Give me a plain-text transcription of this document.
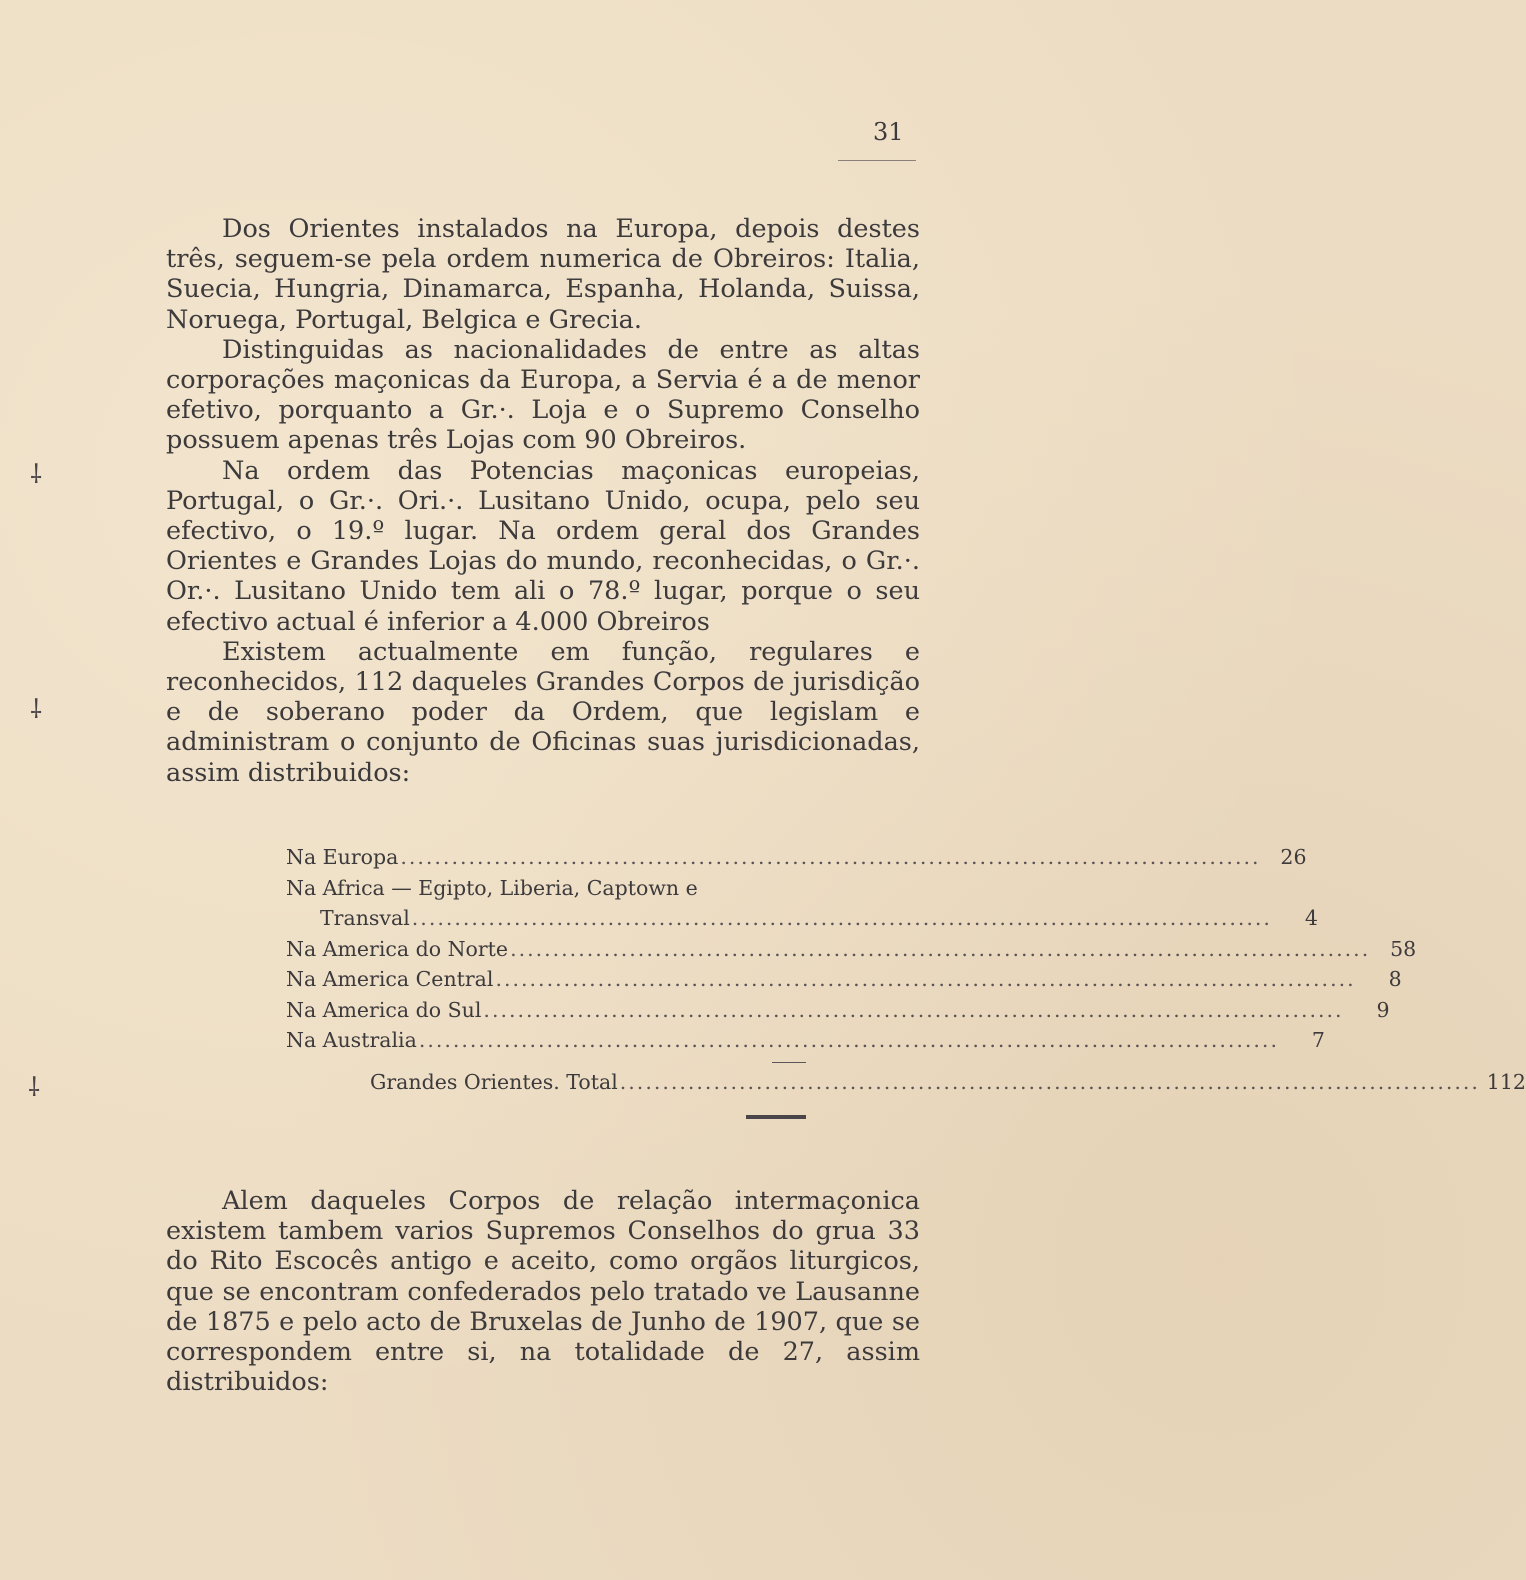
31
⸸
⸸
⸸

Dos Orientes instalados na Europa, depois destes três, seguem-se pela ordem numerica de Obreiros: Italia, Suecia, Hungria, Dinamarca, Espanha, Holanda, Suissa, Noruega, Portugal, Belgica e Grecia.

Distinguidas as nacionalidades de entre as altas corporações maçonicas da Europa, a Servia é a de menor efetivo, porquanto a Gr.·. Loja e o Supremo Conselho possuem apenas três Lojas com 90 Obreiros.

Na ordem das Potencias maçonicas europeias, Portugal, o Gr.·. Ori.·. Lusitano Unido, ocupa, pelo seu efectivo, o 19.º lugar. Na ordem geral dos Grandes Orientes e Grandes Lojas do mundo, reconhecidas, o Gr.·. Or.·. Lusitano Unido tem ali o 78.º lugar, porque o seu efectivo actual é inferior a 4.000 Obreiros

Existem actualmente em função, regulares e reconhecidos, 112 daqueles Grandes Corpos de jurisdição e de soberano poder da Ordem, que legislam e administram o conjunto de Oficinas suas jurisdicionadas, assim distribuidos:

Na Europa ..................................................................................................... 26
Na Africa — Egipto, Liberia, Captown e
Transval .....................................................................................................	4
Na America do Norte ..................................................................................................... 58
Na America Central .....................................................................................................	8
Na America do Sul .....................................................................................................	9
Na Australia .....................................................................................................	7
Grandes Orientes. Total ..................................................................................................... 112

Alem daqueles Corpos de relação intermaçonica existem tambem varios Supremos Conselhos do grua 33 do Rito Escocês antigo e aceito, como orgãos liturgicos, que se encontram confederados pelo tratado ve Lausanne de 1875 e pelo acto de Bruxelas de Junho de 1907, que se correspondem entre si, na totalidade de 27, assim distribuidos:
